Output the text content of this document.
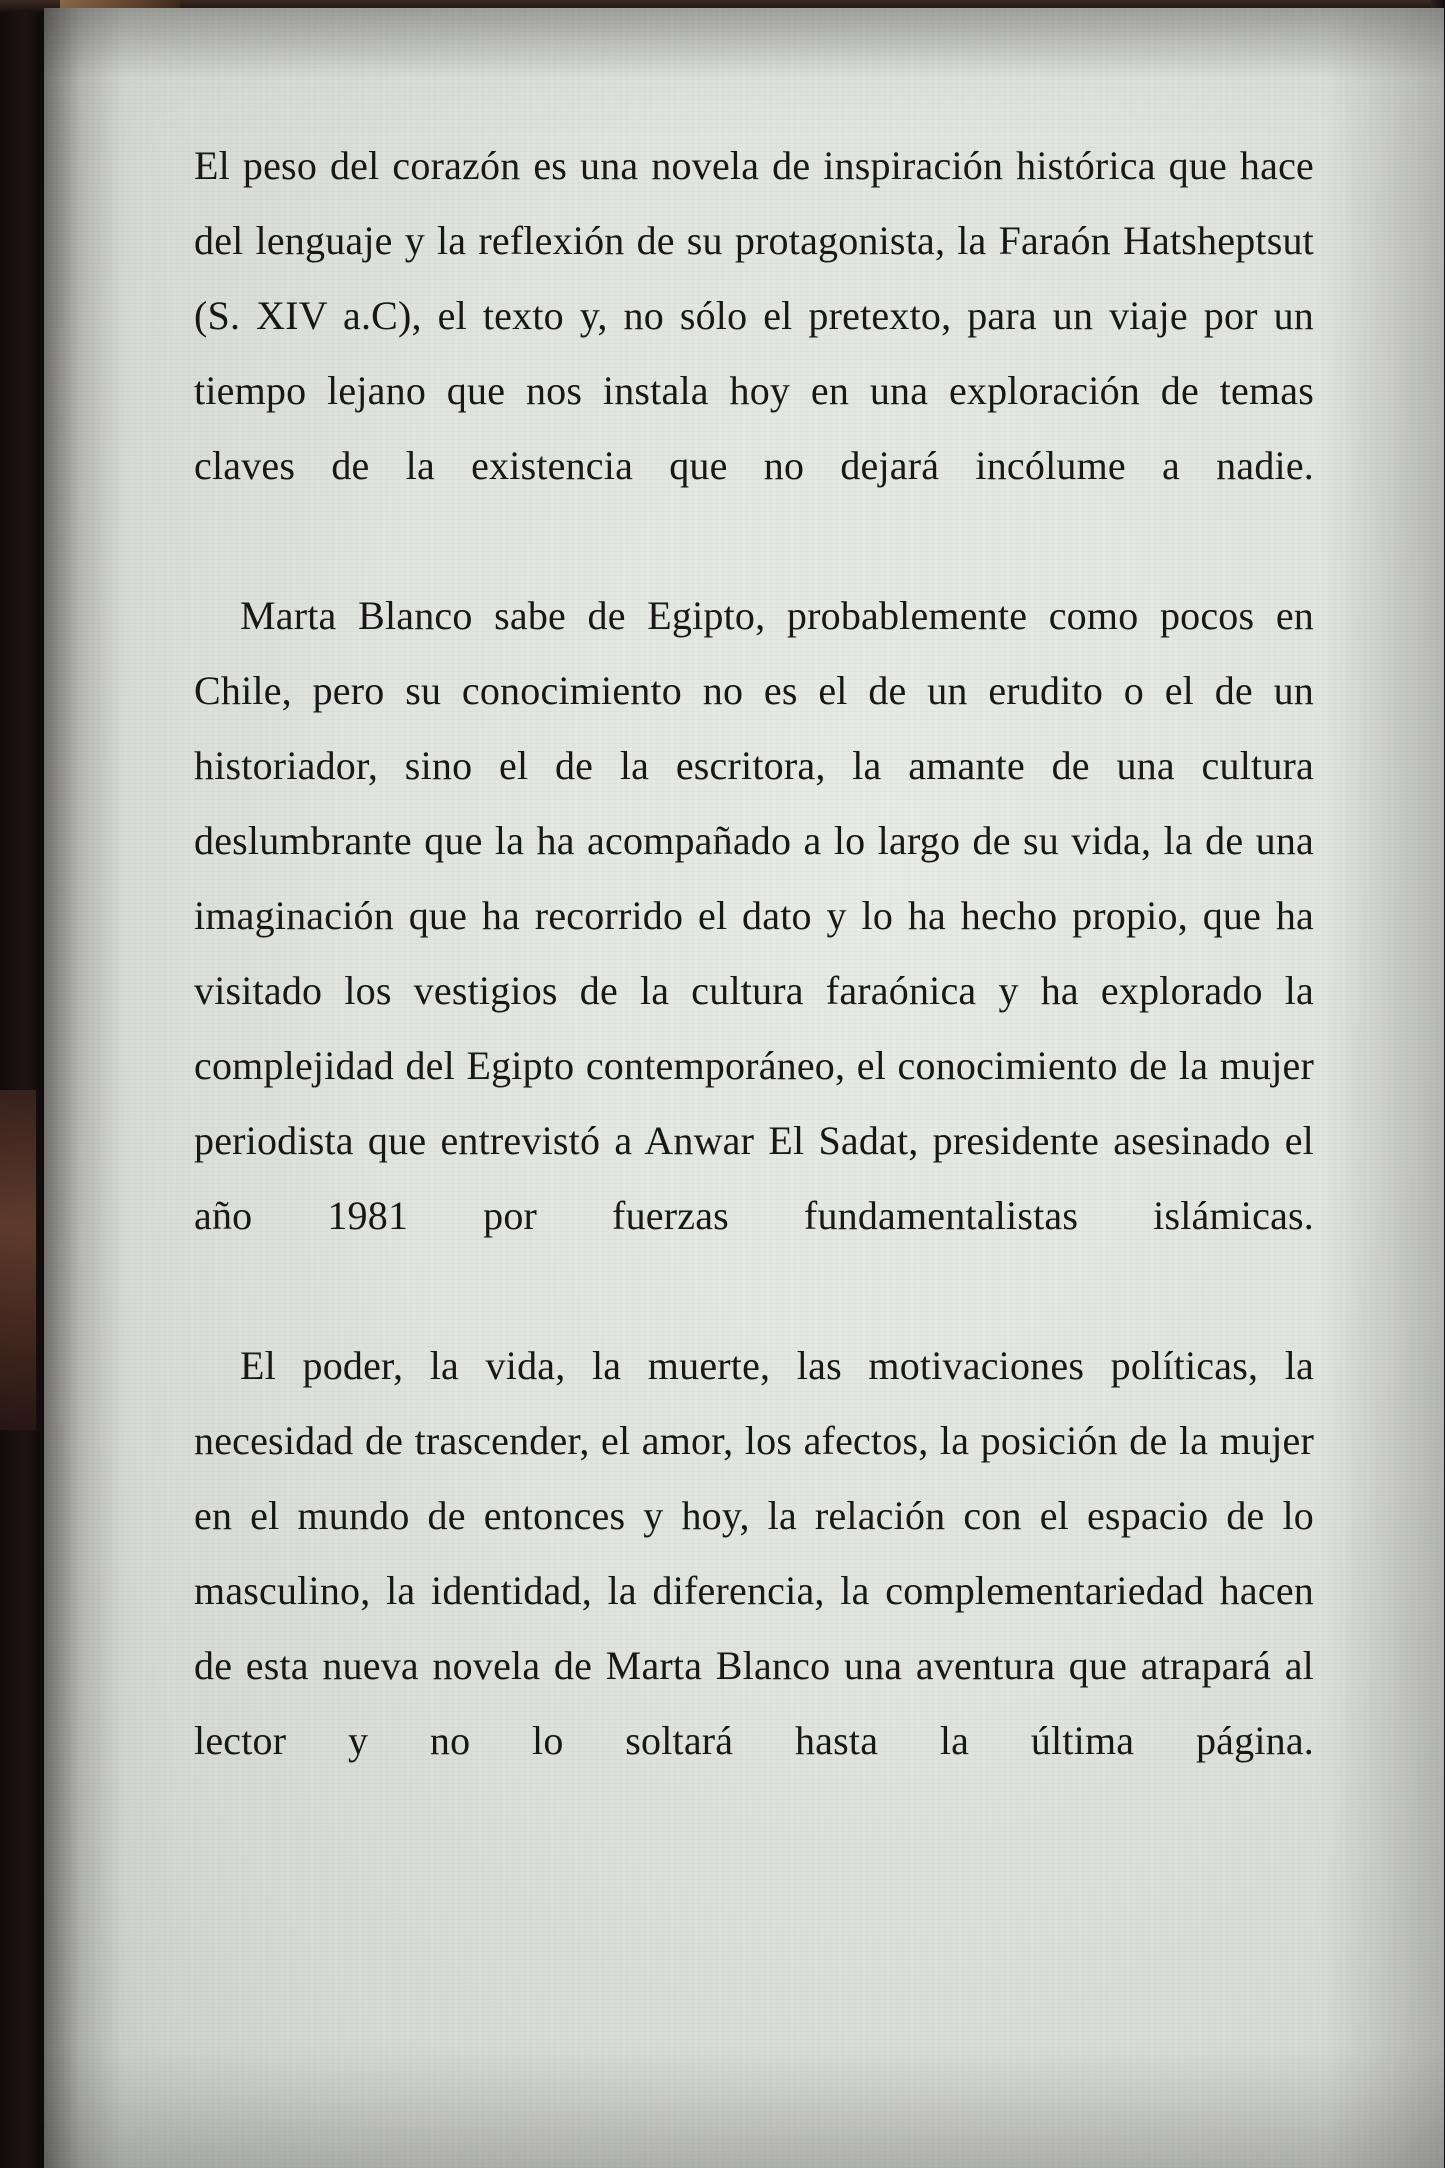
El peso del corazón es una novela de inspiración histórica que hace del lenguaje y la reflexión de su protagonista, la Faraón Hatsheptsut (S. XIV a.C), el texto y, no sólo el pretexto, para un viaje por un tiempo lejano que nos instala hoy en una exploración de temas claves de la existencia que no dejará incólume a nadie.

Marta Blanco sabe de Egipto, probablemente como pocos en Chile, pero su conocimiento no es el de un erudito o el de un historiador, sino el de la escritora, la amante de una cultura deslumbrante que la ha acompañado a lo largo de su vida, la de una imaginación que ha recorrido el dato y lo ha hecho propio, que ha visitado los vestigios de la cultura faraónica y ha explorado la complejidad del Egipto contemporáneo, el conocimiento de la mujer periodista que entrevistó a Anwar El Sadat, presidente asesinado el año 1981 por fuerzas fundamentalistas islámicas.

El poder, la vida, la muerte, las motivaciones políticas, la necesidad de trascender, el amor, los afectos, la posición de la mujer en el mundo de entonces y hoy, la relación con el espacio de lo masculino, la identidad, la diferencia, la complementariedad hacen de esta nueva novela de Marta Blanco una aventura que atrapará al lector y no lo soltará hasta la última página.
